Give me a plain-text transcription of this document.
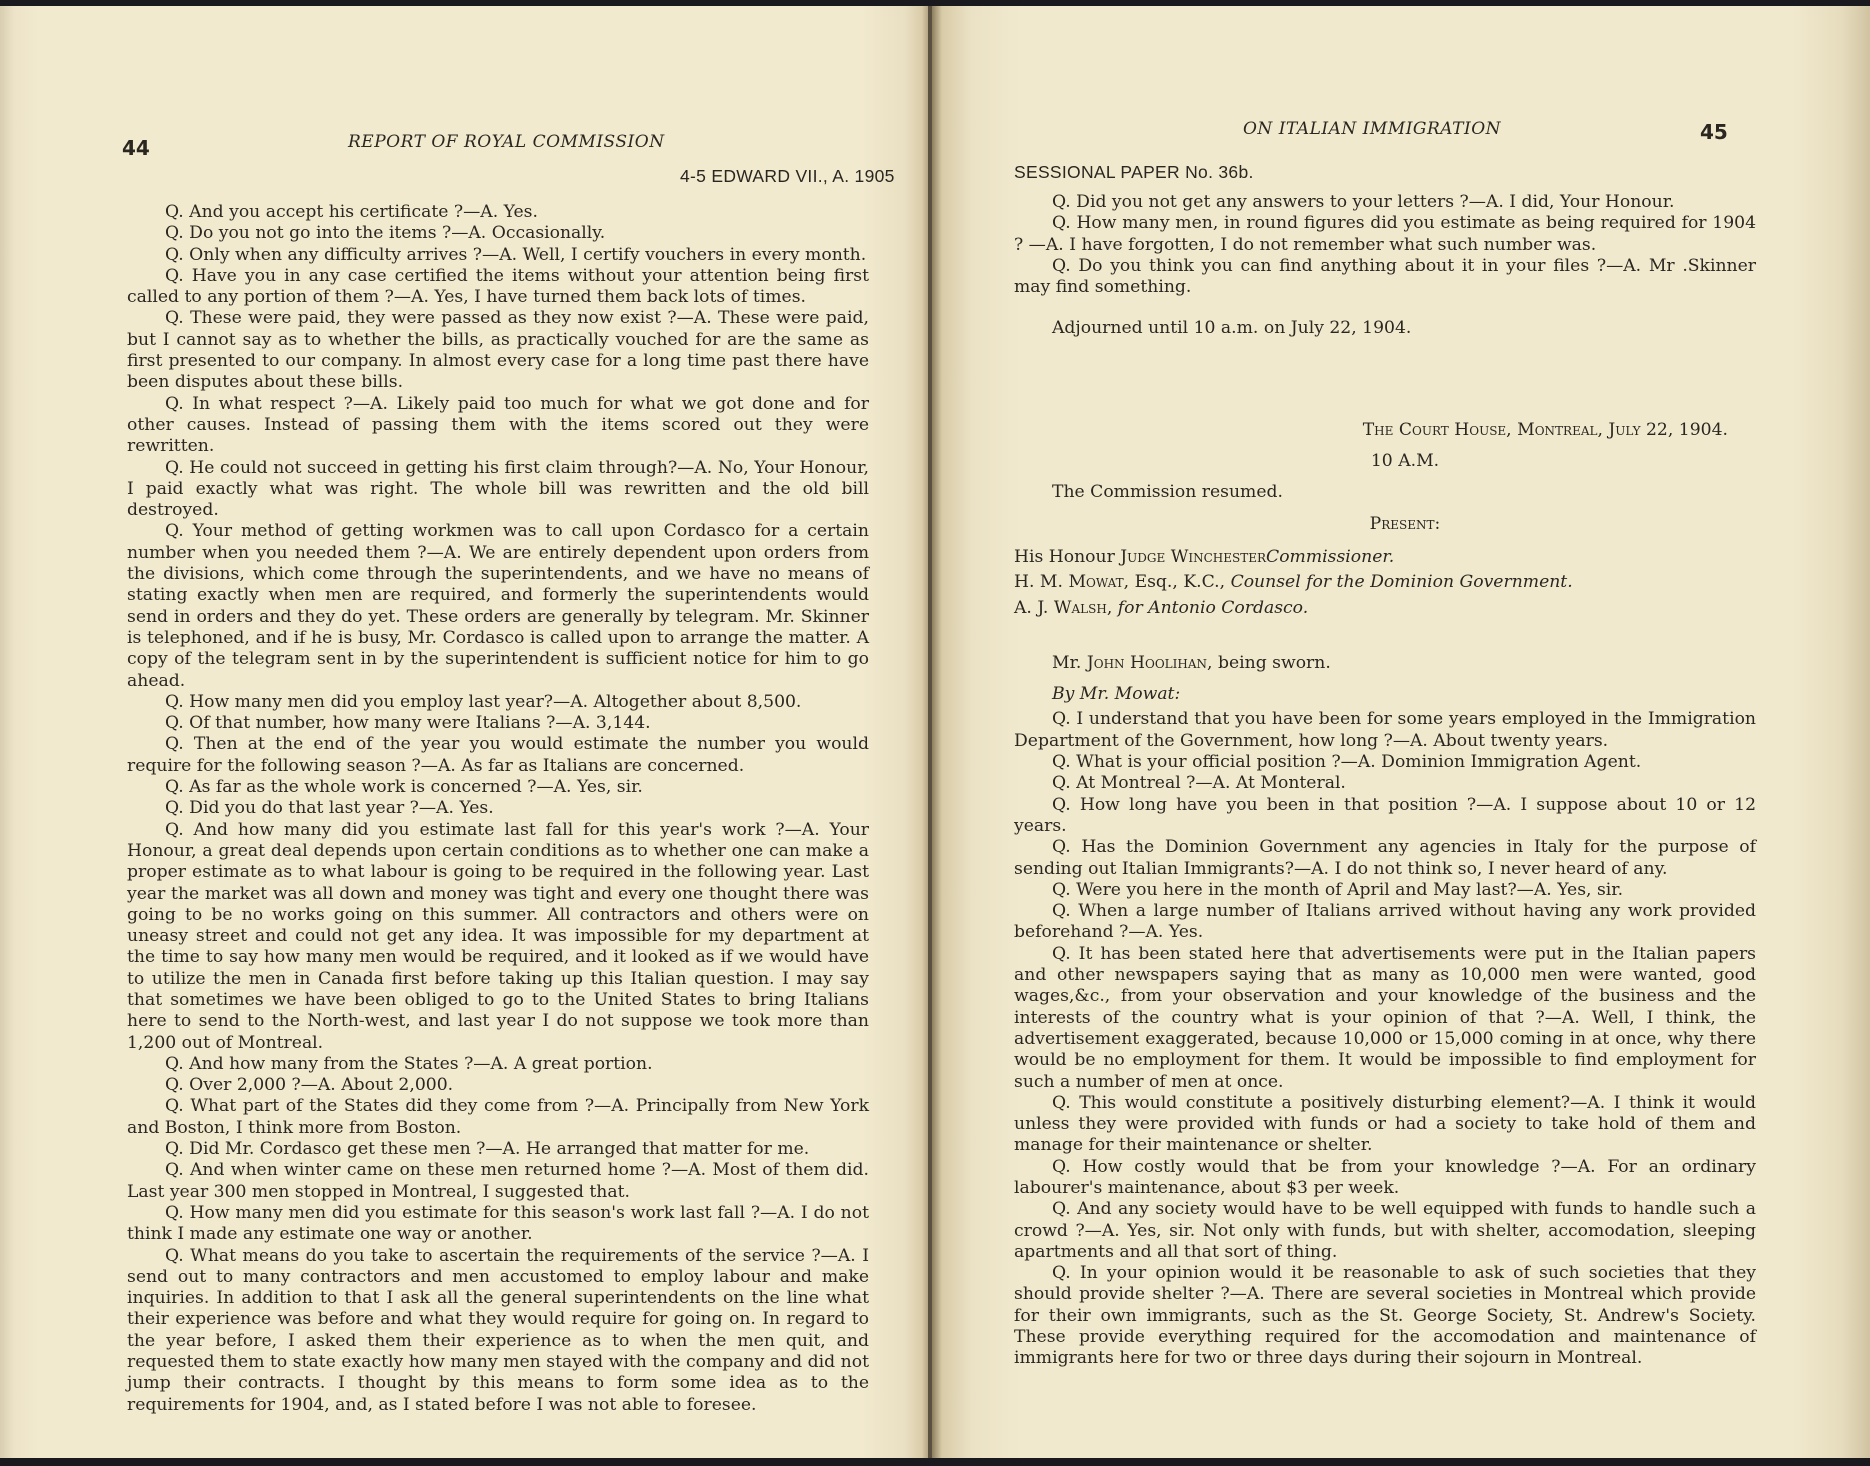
44	REPORT OF ROYAL COMMISSION
4-5 EDWARD VII., A. 1905

Q. And you accept his certificate ?—A. Yes.

Q. Do you not go into the items ?—A. Occasionally.

Q. Only when any difficulty arrives ?—A. Well, I certify vouchers in every month.

Q. Have you in any case certified the items without your attention being first called to any portion of them ?—A. Yes, I have turned them back lots of times.

Q. These were paid, they were passed as they now exist ?—A. These were paid, but I cannot say as to whether the bills, as practically vouched for are the same as first presented to our company. In almost every case for a long time past there have been disputes about these bills.

Q. In what respect ?—A. Likely paid too much for what we got done and for other causes. Instead of passing them with the items scored out they were rewritten.

Q. He could not succeed in getting his first claim through?—A. No, Your Honour, I paid exactly what was right. The whole bill was rewritten and the old bill destroyed.

Q. Your method of getting workmen was to call upon Cordasco for a certain number when you needed them ?—A. We are entirely dependent upon orders from the divisions, which come through the superintendents, and we have no means of stating exactly when men are required, and formerly the superintendents would send in orders and they do yet. These orders are generally by telegram. Mr. Skinner is telephoned, and if he is busy, Mr. Cordasco is called upon to arrange the matter. A copy of the telegram sent in by the superintendent is sufficient notice for him to go ahead.

Q. How many men did you employ last year?—A. Altogether about 8,500.

Q. Of that number, how many were Italians ?—A. 3,144.

Q. Then at the end of the year you would estimate the number you would require for the following season ?—A. As far as Italians are concerned.

Q. As far as the whole work is concerned ?—A. Yes, sir.

Q. Did you do that last year ?—A. Yes.

Q. And how many did you estimate last fall for this year's work ?—A. Your Honour, a great deal depends upon certain conditions as to whether one can make a proper estimate as to what labour is going to be required in the following year. Last year the market was all down and money was tight and every one thought there was going to be no works going on this summer. All contractors and others were on uneasy street and could not get any idea. It was impossible for my department at the time to say how many men would be required, and it looked as if we would have to utilize the men in Canada first before taking up this Italian question. I may say that sometimes we have been obliged to go to the United States to bring Italians here to send to the North-west, and last year I do not suppose we took more than 1,200 out of Montreal.

Q. And how many from the States ?—A. A great portion.

Q. Over 2,000 ?—A. About 2,000.

Q. What part of the States did they come from ?—A. Principally from New York and Boston, I think more from Boston.

Q. Did Mr. Cordasco get these men ?—A. He arranged that matter for me.

Q. And when winter came on these men returned home ?—A. Most of them did. Last year 300 men stopped in Montreal, I suggested that.

Q. How many men did you estimate for this season's work last fall ?—A. I do not think I made any estimate one way or another.

Q. What means do you take to ascertain the requirements of the service ?—A. I send out to many contractors and men accustomed to employ labour and make inquiries. In addition to that I ask all the general superintendents on the line what their experience was before and what they would require for going on. In regard to the year before, I asked them their experience as to when the men quit, and requested them to state exactly how many men stayed with the company and did not jump their contracts. I thought by this means to form some idea as to the requirements for 1904, and, as I stated before I was not able to foresee.

ON ITALIAN IMMIGRATION	45
SESSIONAL PAPER No. 36b.

Q. Did you not get any answers to your letters ?—A. I did, Your Honour.

Q. How many men, in round figures did you estimate as being required for 1904 ? —A. I have forgotten, I do not remember what such number was.

Q. Do you think you can find anything about it in your files ?—A. Mr .Skinner may find something.

Adjourned until 10 a.m. on July 22, 1904.

The Court House, Montreal, July 22, 1904.

10 A.M.

The Commission resumed.

Present:

His Honour Judge WinchesterCommissioner.

H. M. Mowat, Esq., K.C., Counsel for the Dominion Government.

A. J. Walsh, for Antonio Cordasco.

Mr. John Hoolihan, being sworn.

By Mr. Mowat:

Q. I understand that you have been for some years employed in the Immigration Department of the Government, how long ?—A. About twenty years.

Q. What is your official position ?—A. Dominion Immigration Agent.

Q. At Montreal ?—A. At Monteral.

Q. How long have you been in that position ?—A. I suppose about 10 or 12 years.

Q. Has the Dominion Government any agencies in Italy for the purpose of sending out Italian Immigrants?—A. I do not think so, I never heard of any.

Q. Were you here in the month of April and May last?—A. Yes, sir.

Q. When a large number of Italians arrived without having any work provided beforehand ?—A. Yes.

Q. It has been stated here that advertisements were put in the Italian papers and other newspapers saying that as many as 10,000 men were wanted, good wages,&c., from your observation and your knowledge of the business and the interests of the country what is your opinion of that ?—A. Well, I think, the advertisement exaggerated, because 10,000 or 15,000 coming in at once, why there would be no employment for them. It would be impossible to find employment for such a number of men at once.

Q. This would constitute a positively disturbing element?—A. I think it would unless they were provided with funds or had a society to take hold of them and manage for their maintenance or shelter.

Q. How costly would that be from your knowledge ?—A. For an ordinary labourer's maintenance, about $3 per week.

Q. And any society would have to be well equipped with funds to handle such a crowd ?—A. Yes, sir. Not only with funds, but with shelter, accomodation, sleeping apartments and all that sort of thing.

Q. In your opinion would it be reasonable to ask of such societies that they should provide shelter ?—A. There are several societies in Montreal which provide for their own immigrants, such as the St. George Society, St. Andrew's Society. These provide everything required for the accomodation and maintenance of immigrants here for two or three days during their sojourn in Montreal.
